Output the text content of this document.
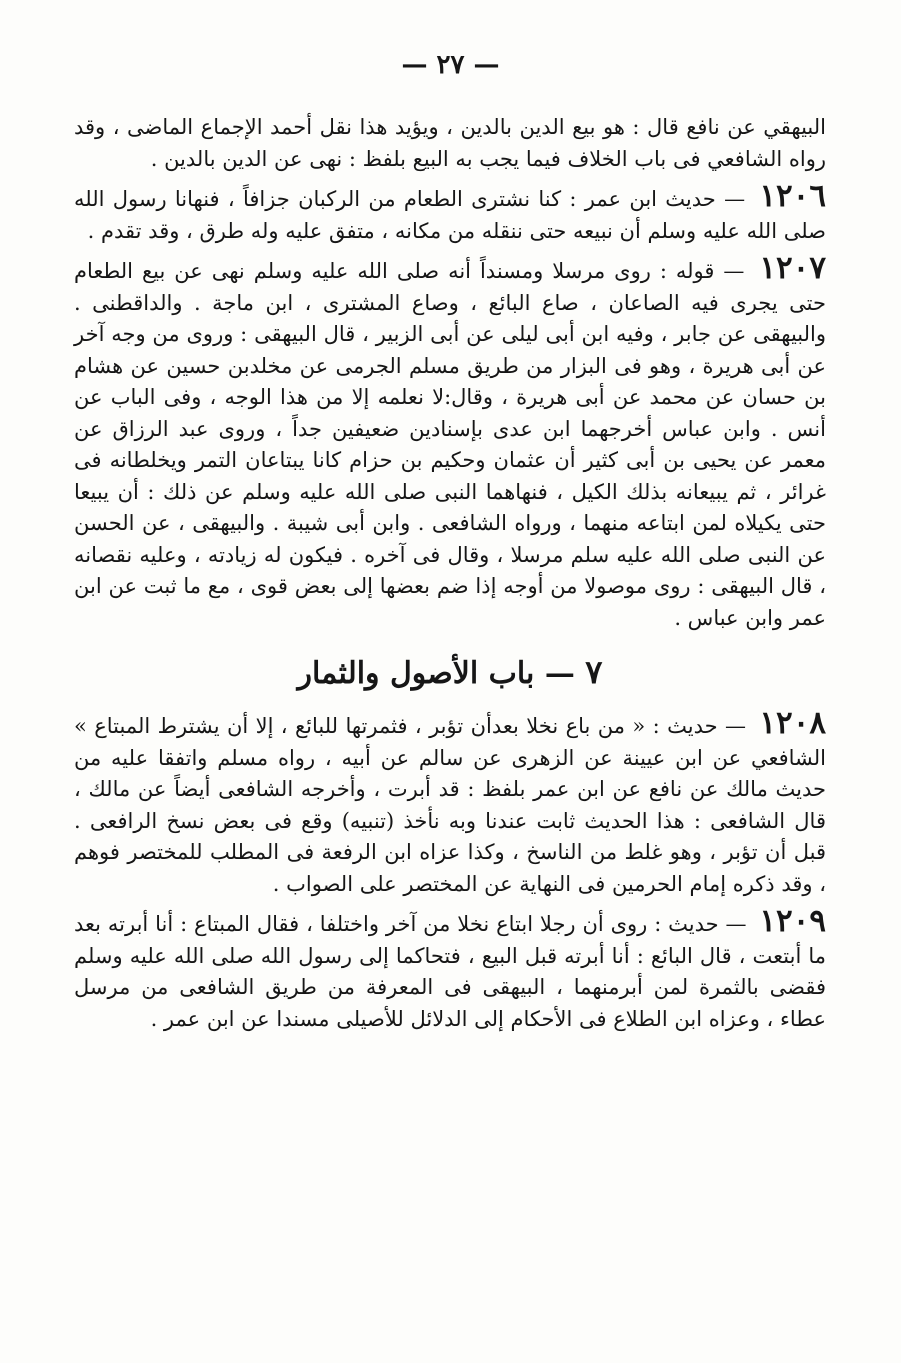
— ٢٧ —

البيهقي عن نافع قال : هو بيع الدين بالدين ، ويؤيد هذا نقل أحمد الإجماع الماضى ، وقد رواه الشافعي فى باب الخلاف فيما يجب به البيع بلفظ : نهى عن الدين بالدين .

١٢٠٦ — حديث ابن عمر : كنا نشترى الطعام من الركبان جزافاً ، فنهانا رسول الله صلى الله عليه وسلم أن نبيعه حتى ننقله من مكانه ، متفق عليه وله طرق ، وقد تقدم .

١٢٠٧ — قوله : روى مرسلا ومسنداً أنه صلى الله عليه وسلم نهى عن بيع الطعام حتى يجرى فيه الصاعان ، صاع البائع ، وصاع المشترى ، ابن ماجة . والداقطنى . والبيهقى عن جابر ، وفيه ابن أبى ليلى عن أبى الزبير ، قال البيهقى : وروى من وجه آخر عن أبى هريرة ، وهو فى البزار من طريق مسلم الجرمى عن مخلدبن حسين عن هشام بن حسان عن محمد عن أبى هريرة ، وقال:لا نعلمه إلا من هذا الوجه ، وفى الباب عن أنس . وابن عباس أخرجهما ابن عدى بإسنادين ضعيفين جداً ، وروى عبد الرزاق عن معمر عن يحيى بن أبى كثير أن عثمان وحكيم بن حزام كانا يبتاعان التمر ويخلطانه فى غرائر ، ثم يبيعانه بذلك الكيل ، فنهاهما النبى صلى الله عليه وسلم عن ذلك : أن يبيعا حتى يكيلاه لمن ابتاعه منهما ، ورواه الشافعى . وابن أبى شيبة . والبيهقى ، عن الحسن عن النبى صلى الله عليه سلم مرسلا ، وقال فى آخره . فيكون له زيادته ، وعليه نقصانه ، قال البيهقى : روى موصولا من أوجه إذا ضم بعضها إلى بعض قوى ، مع ما ثبت عن ابن عمر وابن عباس .

٧ — باب الأصول والثمار

١٢٠٨ — حديث : « من باع نخلا بعدأن تؤبر ، فثمرتها للبائع ، إلا أن يشترط المبتاع » الشافعي عن ابن عيينة عن الزهرى عن سالم عن أبيه ، رواه مسلم واتفقا عليه من حديث مالك عن نافع عن ابن عمر بلفظ : قد أبرت ، وأخرجه الشافعى أيضاً عن مالك ، قال الشافعى : هذا الحديث ثابت عندنا وبه نأخذ (تنبيه) وقع فى بعض نسخ الرافعى . قبل أن تؤبر ، وهو غلط من الناسخ ، وكذا عزاه ابن الرفعة فى المطلب للمختصر فوهم ، وقد ذكره إمام الحرمين فى النهاية عن المختصر على الصواب .

١٢٠٩ — حديث : روى أن رجلا ابتاع نخلا من آخر واختلفا ، فقال المبتاع : أنا أبرته بعد ما أبتعت ، قال البائع : أنا أبرته قبل البيع ، فتحاكما إلى رسول الله صلى الله عليه وسلم فقضى بالثمرة لمن أبرمنهما ، البيهقى فى المعرفة من طريق الشافعى من مرسل عطاء ، وعزاه ابن الطلاع فى الأحكام إلى الدلائل للأصيلى مسندا عن ابن عمر .
